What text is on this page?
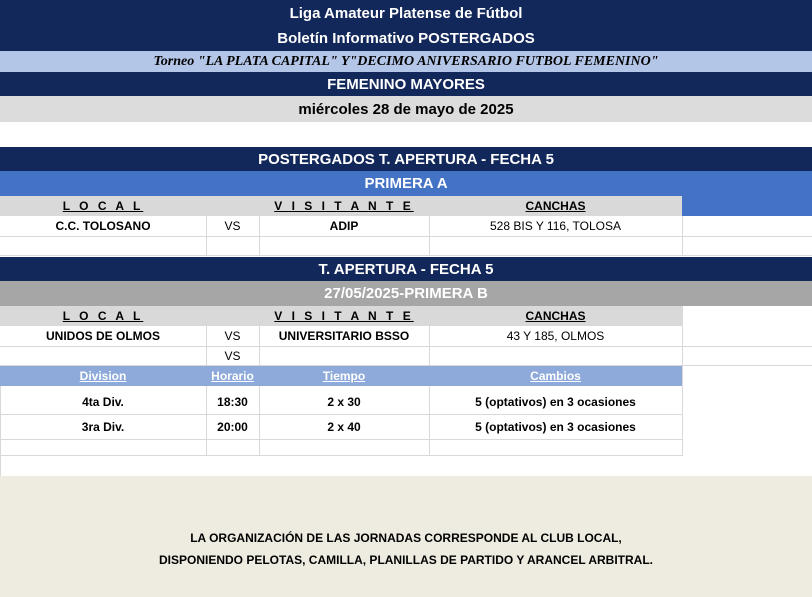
Liga Amateur Platense de Fútbol
Boletín Informativo POSTERGADOS
Torneo "LA PLATA CAPITAL" Y"DECIMO ANIVERSARIO FUTBOL FEMENINO"
FEMENINO MAYORES
miércoles 28 de mayo de 2025
POSTERGADOS T. APERTURA - FECHA 5
PRIMERA A
L O C A L	V I S I T A N T E	CANCHAS
C.C. TOLOSANO	VS	ADIP	528 BIS Y 116, TOLOSA
T. APERTURA - FECHA 5
27/05/2025-PRIMERA B
L O C A L	V I S I T A N T E	CANCHAS
UNIDOS DE OLMOS	VS	UNIVERSITARIO BSSO	43 Y 185, OLMOS
VS
Division	Horario	Tiempo	Cambios
4ta Div.	18:30	2 x 30	5 (optativos) en 3 ocasiones
3ra Div.	20:00	2 x 40	5 (optativos) en 3 ocasiones
LA ORGANIZACIÓN DE LAS JORNADAS CORRESPONDE AL CLUB LOCAL,
DISPONIENDO PELOTAS, CAMILLA, PLANILLAS DE PARTIDO Y ARANCEL ARBITRAL.
